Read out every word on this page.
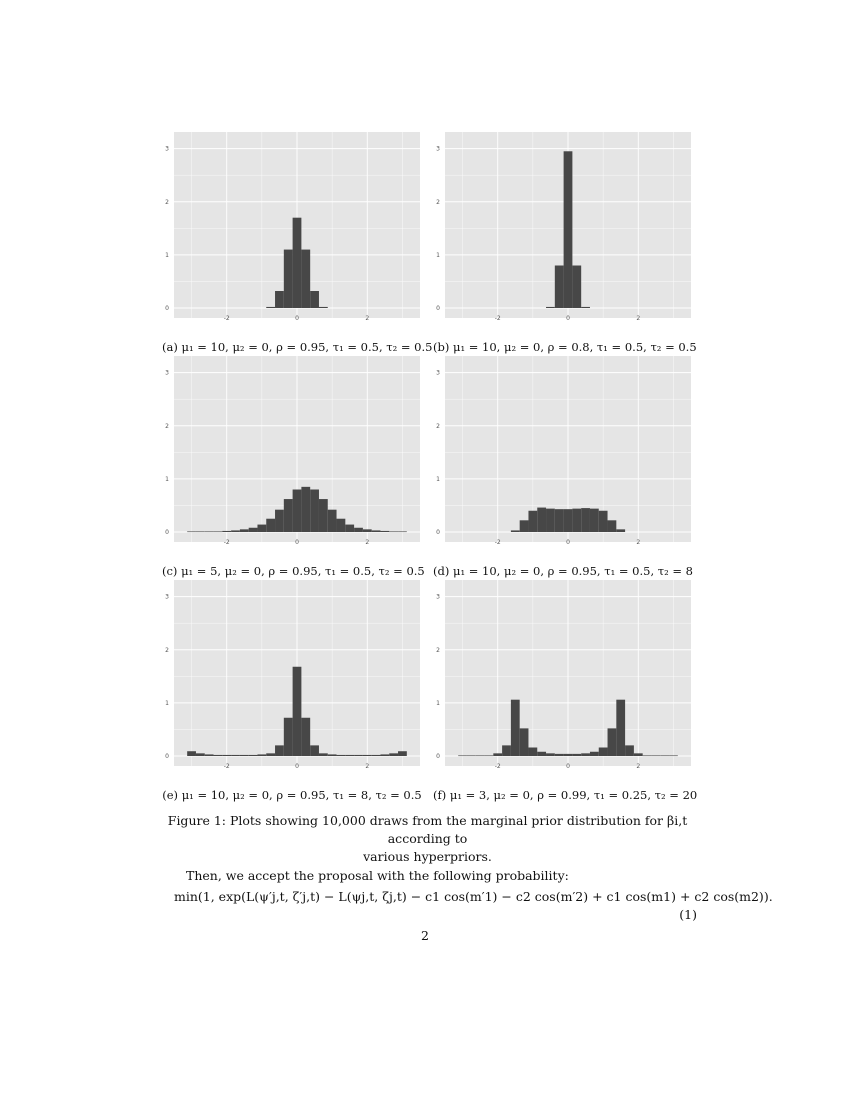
0
1
2
3
-2	0	2
0
1
2
3
-2	0	2
0
1
2
3
-2	0	2
0
1
2
3
-2	0	2
0
1
2
3
-2	0	2
0
1
2
3
-2	0	2
(a) μ₁ = 10, μ₂ = 0, ρ = 0.95, τ₁ = 0.5, τ₂ = 0.5 (b) μ₁ = 10, μ₂ = 0, ρ = 0.8, τ₁ = 0.5, τ₂ = 0.5
(c) μ₁ = 5, μ₂ = 0, ρ = 0.95, τ₁ = 0.5, τ₂ = 0.5 (d) μ₁ = 10, μ₂ = 0, ρ = 0.95, τ₁ = 0.5, τ₂ = 8
(e) μ₁ = 10, μ₂ = 0, ρ = 0.95, τ₁ = 8, τ₂ = 0.5 (f) μ₁ = 3, μ₂ = 0, ρ = 0.99, τ₁ = 0.25, τ₂ = 20
Figure 1: Plots showing 10,000 draws from the marginal prior distribution for βi,t according to
various hyperpriors.
Then, we accept the proposal with the following probability:
min(1, exp(L(ψ′j,t, ζ′j,t) − L(ψj,t, ζj,t) − c1 cos(m′1) − c2 cos(m′2) + c1 cos(m1) + c2 cos(m2)).
(1)
2
